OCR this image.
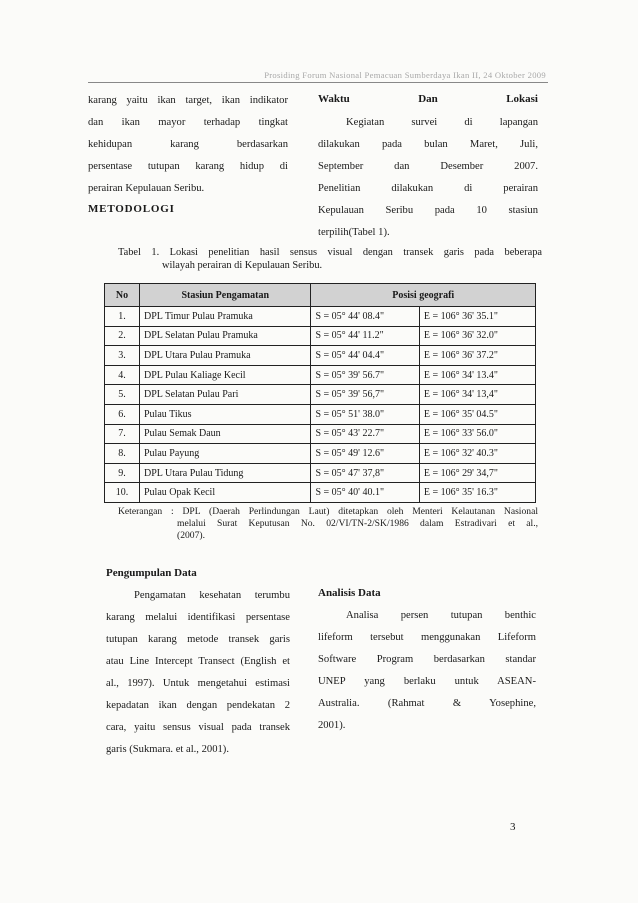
Prosiding Forum Nasional Pemacuan Sumberdaya Ikan II, 24 Oktober 2009

karang yaitu ikan target, ikan indikator

dan ikan mayor terhadap tingkat

kehidupan karang berdasarkan

persentase tutupan karang hidup di

perairan Kepulauan Seribu.

METODOLOGI

Waktu Dan Lokasi

Kegiatan survei di lapangan

dilakukan pada bulan Maret, Juli,

September dan Desember 2007.

Penelitian dilakukan di perairan

Kepulauan Seribu pada 10 stasiun

terpilih(Tabel 1).

Tabel 1. Lokasi penelitian hasil sensus visual dengan transek garis pada beberapa
wilayah perairan di Kepulauan Seribu.
No	Stasiun Pengamatan	Posisi geografi	
1.	DPL Timur Pulau Pramuka	S = 05° 44' 08.4"	E = 106° 36' 35.1"
2.	DPL Selatan Pulau Pramuka	S = 05° 44' 11.2"	E = 106° 36' 32.0"
3.	DPL Utara Pulau Pramuka	S = 05° 44' 04.4"	E = 106° 36' 37.2"
4.	DPL Pulau Kaliage Kecil	S = 05° 39' 56.7"	E = 106° 34' 13.4"
5.	DPL Selatan Pulau Pari	S = 05° 39' 56,7"	E = 106° 34' 13,4"
6.	Pulau Tikus	S = 05° 51' 38.0"	E = 106° 35' 04.5"
7.	Pulau Semak Daun	S = 05° 43' 22.7"	E = 106° 33' 56.0"
8.	Pulau Payung	S = 05° 49' 12.6"	E = 106° 32' 40.3"
9.	DPL Utara Pulau Tidung	S = 05° 47' 37,8"	E = 106° 29' 34,7"
10.	Pulau Opak Kecil	S = 05° 40' 40.1"	E = 106° 35' 16.3"
Keterangan : DPL (Daerah Perlindungan Laut) ditetapkan oleh Menteri Kelautanan Nasional
melalui Surat Keputusan No. 02/VI/TN-2/SK/1986 dalam Estradivari et al.,
(2007).

Pengumpulan Data

Pengamatan kesehatan terumbu

karang melalui identifikasi persentase

tutupan karang metode transek garis

atau Line Intercept Transect (English et

al., 1997). Untuk mengetahui estimasi

kepadatan ikan dengan pendekatan 2

cara, yaitu sensus visual pada transek

garis (Sukmara. et al., 2001).

Analisis Data

Analisa persen tutupan benthic

lifeform tersebut menggunakan Lifeform

Software Program berdasarkan standar

UNEP yang berlaku untuk ASEAN-

Australia. (Rahmat & Yosephine,

2001).

3
